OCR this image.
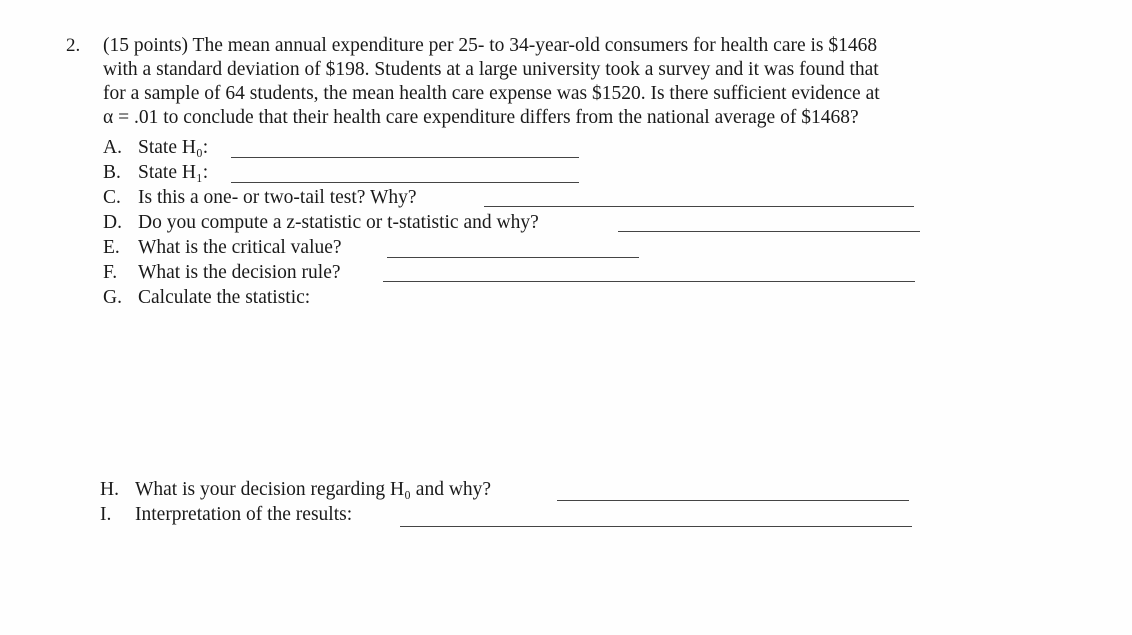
2. (15 points) The mean annual expenditure per 25- to 34-year-old consumers for health care is $1468
with a standard deviation of $198. Students at a large university took a survey and it was found that
for a sample of 64 students, the mean health care expense was $1520. Is there sufficient evidence at
α = .01 to conclude that their health care expenditure differs from the national average of $1468?
A. State H₀:
B. State H₁:
C. Is this a one- or two-tail test? Why?
D. Do you compute a z-statistic or t-statistic and why?
E. What is the critical value?
F. What is the decision rule?
G. Calculate the statistic:
H. What is your decision regarding H₀ and why?
I. Interpretation of the results:
